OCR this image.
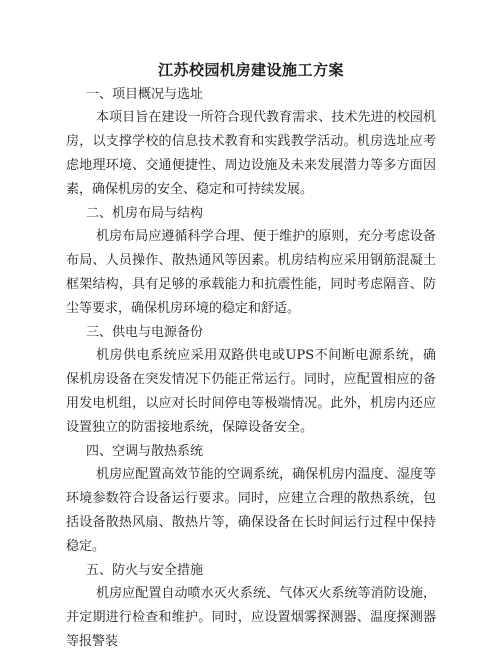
江苏校园机房建设施工方案

一、项目概况与选址

本项目旨在建设一所符合现代教育需求、技术先进的校园机房，以支撑学校的信息技术教育和实践教学活动。机房选址应考虑地理环境、交通便捷性、周边设施及未来发展潜力等多方面因素，确保机房的安全、稳定和可持续发展。

二、机房布局与结构

机房布局应遵循科学合理、便于维护的原则，充分考虑设备布局、人员操作、散热通风等因素。机房结构应采用钢筋混凝土框架结构，具有足够的承载能力和抗震性能，同时考虑隔音、防尘等要求，确保机房环境的稳定和舒适。

三、供电与电源备份

机房供电系统应采用双路供电或UPS不间断电源系统，确保机房设备在突发情况下仍能正常运行。同时，应配置相应的备用发电机组，以应对长时间停电等极端情况。此外，机房内还应设置独立的防雷接地系统，保障设备安全。

四、空调与散热系统

机房应配置高效节能的空调系统，确保机房内温度、湿度等环境参数符合设备运行要求。同时，应建立合理的散热系统，包括设备散热风扇、散热片等，确保设备在长时间运行过程中保持稳定。

五、防火与安全措施

机房应配置自动喷水灭火系统、气体灭火系统等消防设施，并定期进行检查和维护。同时，应设置烟雾探测器、温度探测器等报警装
